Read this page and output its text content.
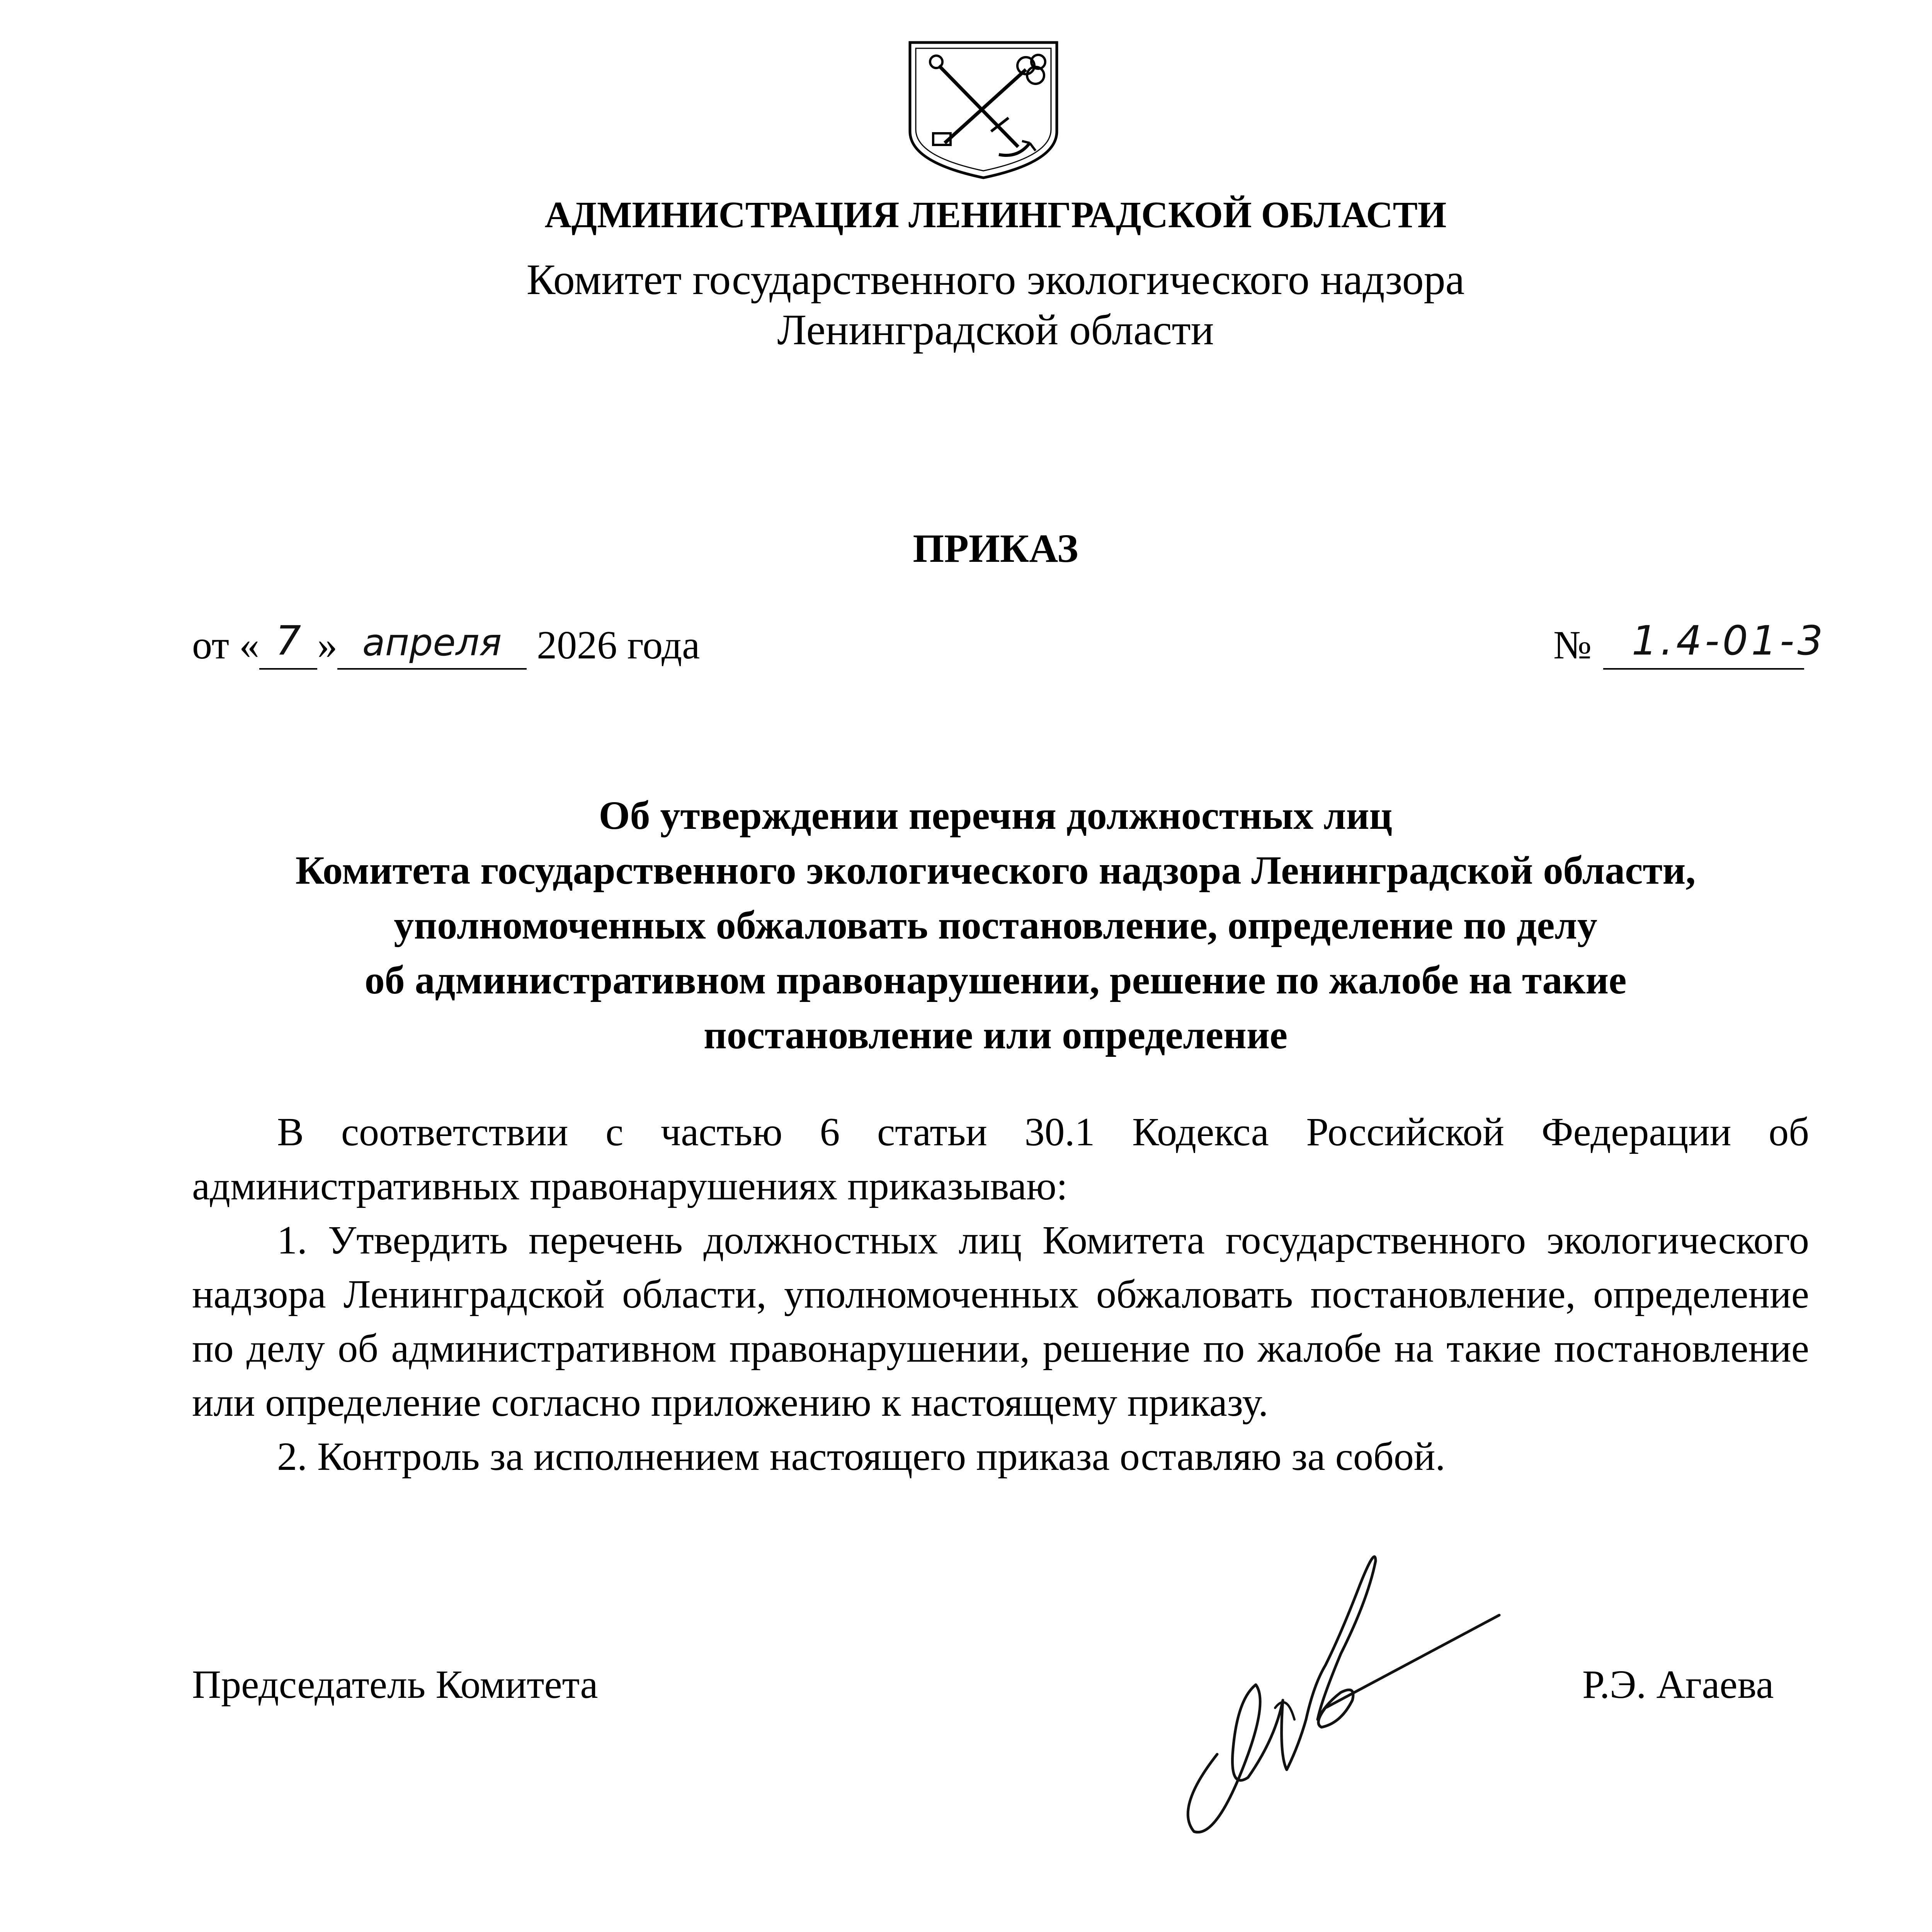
АДМИНИСТРАЦИЯ ЛЕНИНГРАДСКОЙ ОБЛАСТИ
Комитет государственного экологического надзора
Ленинградской области
ПРИКАЗ
от « 7 » апреля 2026 года	№ 1.4-01-3

Об утверждении перечня должностных лиц
Комитета государственного экологического надзора Ленинградской области,
уполномоченных обжаловать постановление, определение по делу
об административном правонарушении, решение по жалобе на такие
постановление или определение

В соответствии с частью 6 статьи 30.1 Кодекса Российской Федерации об административных правонарушениях приказываю:

1. Утвердить перечень должностных лиц Комитета государственного экологического надзора Ленинградской области, уполномоченных обжаловать постановление, определение по делу об административном правонарушении, решение по жалобе на такие постановление или определение согласно приложению к настоящему приказу.

2. Контроль за исполнением настоящего приказа оставляю за собой.

Председатель Комитета	Р.Э. Агаева
